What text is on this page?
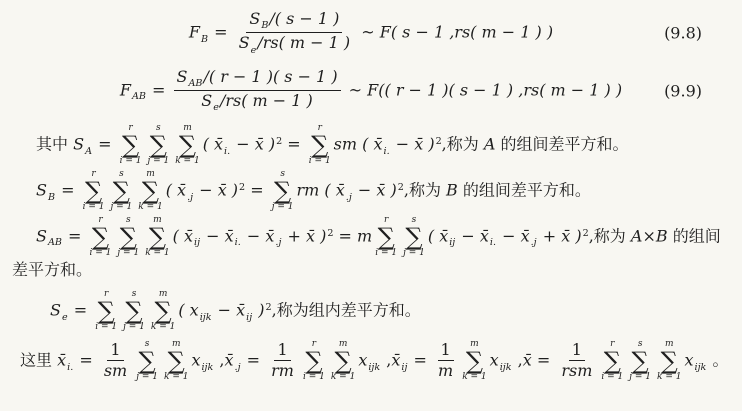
$F_B = \frac{S_B/( s - 1 )}{S_e/rs( m - 1 )}$ ~ F( s − 1 ,rs( m − 1 ) )	(9.8)
$F_{AB} = \frac{S_{AB}/( r - 1 )( s - 1 )}{S_e/rs( m - 1 )}$ ~ F(( r − 1 )( s − 1 ) ,rs( m − 1 ) )	(9.9)
其中 $S_A$ =
r
∑
i = 1
s
∑
j = 1
m
∑
k = 1
( $x̄_{i.}$ − x̄ )$^2$ =
r
∑
i = 1
sm ( $x̄_{i.}$ − x̄ )$^2$,称为 A 的组间差平方和。
$S_B$ =
r
∑
i = 1
s
∑
j = 1
m
∑
k = 1
( $x̄_{.j}$ − x̄ )$^2$ =
s
∑
j = 1
rm ( $x̄_{.j}$ − x̄ )$^2$,称为 B 的组间差平方和。
$S_{AB}$ =
r
∑
i = 1
s
∑
j = 1
m
∑
k = 1
( $x̄_{ij}$ − $x̄_{i.}$ − $x̄_{.j}$ + x̄ )$^2$ = m
r
∑
i = 1
s
∑
j = 1
( $x̄_{ij}$ − $x̄_{i.}$ − $x̄_{.j}$ + x̄ )$^2$,称为 A×B 的组间
差平方和。
$S_e$ =
r
∑
i = 1
s
∑
j = 1
m
∑
k = 1
( $x_{ijk}$ − $x̄_{ij}$ )$^2$,称为组内差平方和。
这里 $x̄_{i.} = \frac{1}{sm}$ s
∑
j = 1
m
∑
k = 1
$x_{ijk}$ $,x̄_{.j} = \frac{1}{rm}$ r
∑
i = 1
m
∑
k = 1
$x_{ijk}$ $,x̄_{ij} = \frac{1}{m}$ m
∑
k = 1
$x_{ijk}$ ,x̄ = $\frac{1}{\text{rsm}}$ r
∑
i = 1
s
∑
j = 1
m
∑
k = 1
$x_{ijk}$ 。
